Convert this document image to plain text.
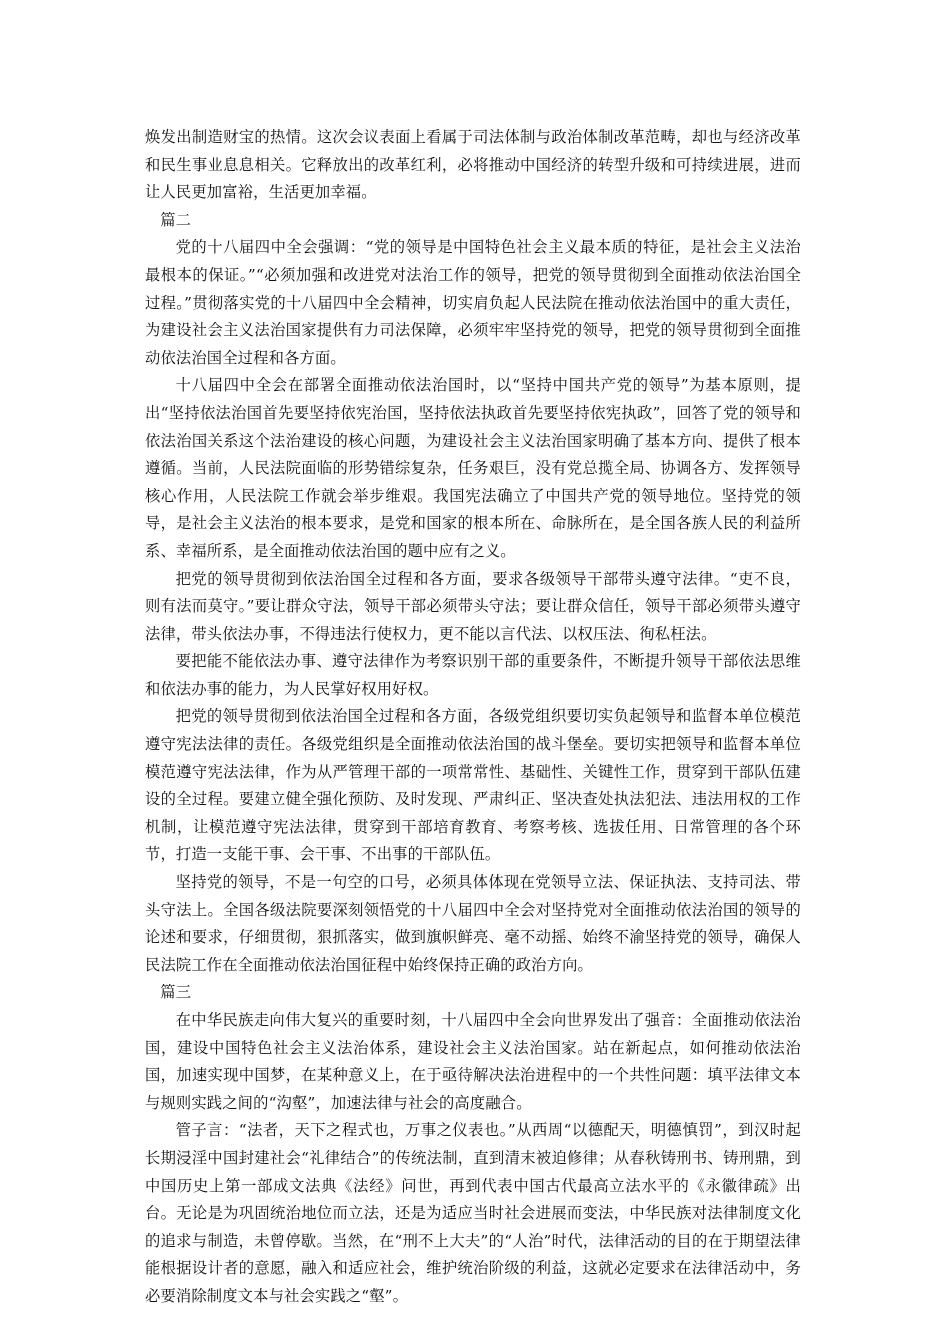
焕发出制造财宝的热情。这次会议表面上看属于司法体制与政治体制改革范畴，却也与经济改革和民生事业息息相关。它释放出的改革红利，必将推动中国经济的转型升级和可持续进展，进而让人民更加富裕，生活更加幸福。

篇二

党的十八届四中全会强调：“党的领导是中国特色社会主义最本质的特征，是社会主义法治最根本的保证。”“必须加强和改进党对法治工作的领导，把党的领导贯彻到全面推动依法治国全过程。”贯彻落实党的十八届四中全会精神，切实肩负起人民法院在推动依法治国中的重大责任，为建设社会主义法治国家提供有力司法保障，必须牢牢坚持党的领导，把党的领导贯彻到全面推动依法治国全过程和各方面。

十八届四中全会在部署全面推动依法治国时，以“坚持中国共产党的领导”为基本原则，提出“坚持依法治国首先要坚持依宪治国，坚持依法执政首先要坚持依宪执政”，回答了党的领导和依法治国关系这个法治建设的核心问题，为建设社会主义法治国家明确了基本方向、提供了根本遵循。当前，人民法院面临的形势错综复杂，任务艰巨，没有党总揽全局、协调各方、发挥领导核心作用，人民法院工作就会举步维艰。我国宪法确立了中国共产党的领导地位。坚持党的领导，是社会主义法治的根本要求，是党和国家的根本所在、命脉所在，是全国各族人民的利益所系、幸福所系，是全面推动依法治国的题中应有之义。

把党的领导贯彻到依法治国全过程和各方面，要求各级领导干部带头遵守法律。“吏不良，则有法而莫守。”要让群众守法，领导干部必须带头守法；要让群众信任，领导干部必须带头遵守法律，带头依法办事，不得违法行使权力，更不能以言代法、以权压法、徇私枉法。

要把能不能依法办事、遵守法律作为考察识别干部的重要条件，不断提升领导干部依法思维和依法办事的能力，为人民掌好权用好权。

把党的领导贯彻到依法治国全过程和各方面，各级党组织要切实负起领导和监督本单位模范遵守宪法法律的责任。各级党组织是全面推动依法治国的战斗堡垒。要切实把领导和监督本单位模范遵守宪法法律，作为从严管理干部的一项常常性、基础性、关键性工作，贯穿到干部队伍建设的全过程。要建立健全强化预防、及时发现、严肃纠正、坚决查处执法犯法、违法用权的工作机制，让模范遵守宪法法律，贯穿到干部培育教育、考察考核、选拔任用、日常管理的各个环节，打造一支能干事、会干事、不出事的干部队伍。

坚持党的领导，不是一句空的口号，必须具体体现在党领导立法、保证执法、支持司法、带头守法上。全国各级法院要深刻领悟党的十八届四中全会对坚持党对全面推动依法治国的领导的论述和要求，仔细贯彻，狠抓落实，做到旗帜鲜亮、毫不动摇、始终不渝坚持党的领导，确保人民法院工作在全面推动依法治国征程中始终保持正确的政治方向。

篇三

在中华民族走向伟大复兴的重要时刻，十八届四中全会向世界发出了强音：全面推动依法治国，建设中国特色社会主义法治体系，建设社会主义法治国家。站在新起点，如何推动依法治国，加速实现中国梦，在某种意义上，在于亟待解决法治进程中的一个共性问题：填平法律文本与规则实践之间的“沟壑”，加速法律与社会的高度融合。

管子言：“法者，天下之程式也，万事之仪表也。”从西周“以德配天，明德慎罚”，到汉时起长期浸淫中国封建社会“礼律结合”的传统法制，直到清末被迫修律；从春秋铸刑书、铸刑鼎，到中国历史上第一部成文法典《法经》问世，再到代表中国古代最高立法水平的《永徽律疏》出台。无论是为巩固统治地位而立法，还是为适应当时社会进展而变法，中华民族对法律制度文化的追求与制造，未曾停歇。当然，在“刑不上大夫”的“人治”时代，法律活动的目的在于期望法律能根据设计者的意愿，融入和适应社会，维护统治阶级的利益，这就必定要求在法律活动中，务必要消除制度文本与社会实践之“壑”。
